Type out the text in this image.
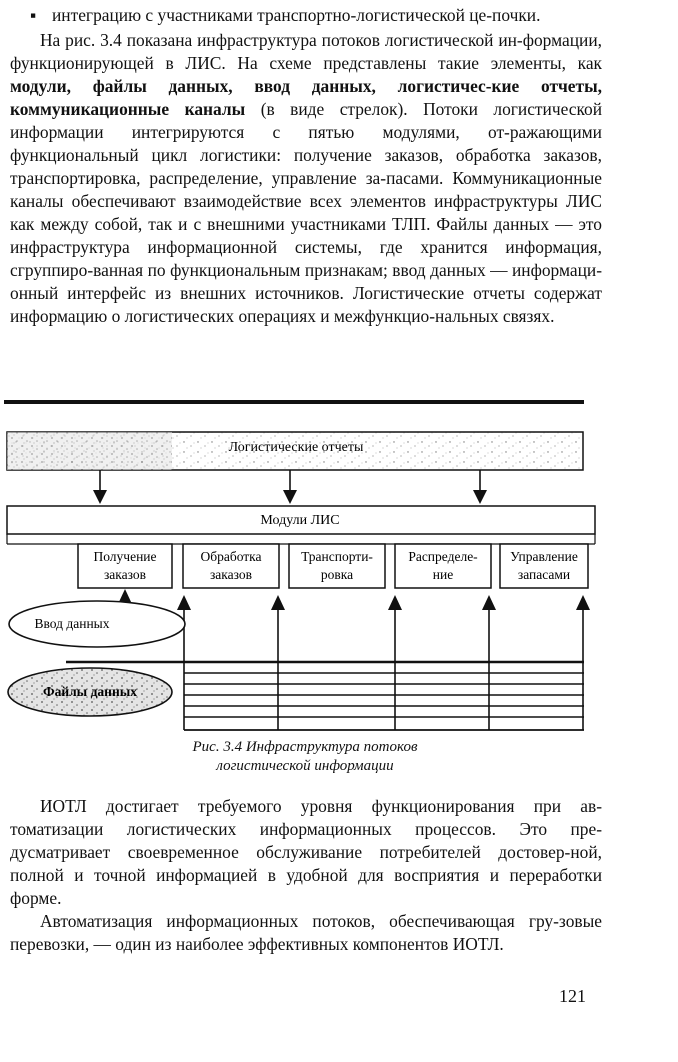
▪ интеграцию с участниками транспортно-логистической це-почки.

На рис. 3.4 показана инфраструктура потоков логистической ин-формации, функционирующей в ЛИС. На схеме представлены такие элементы, как модули, файлы данных, ввод данных, логистичес-кие отчеты, коммуникационные каналы (в виде стрелок). Потоки логистической информации интегрируются с пятью модулями, от-ражающими функциональный цикл логистики: получение заказов, обработка заказов, транспортировка, распределение, управление за-пасами. Коммуникационные каналы обеспечивают взаимодействие всех элементов инфраструктуры ЛИС как между собой, так и с внешними участниками ТЛП. Файлы данных — это инфраструктура информационной системы, где хранится информация, сгруппиро-ванная по функциональным признакам; ввод данных — информаци-онный интерфейс из внешних источников. Логистические отчеты содержат информацию о логистических операциях и межфункцио-нальных связях.

Логистические отчеты
Модули ЛИС
Получение
заказов
Обработка
заказов
Транспорти-
ровка
Распределе-
ние
Управление
запасами
Ввод данных
Файлы данных
Рис. 3.4 Инфраструктура потоков
логистической информации

ИОТЛ достигает требуемого уровня функционирования при ав-томатизации логистических информационных процессов. Это пре-дусматривает своевременное обслуживание потребителей достовер-ной, полной и точной информацией в удобной для восприятия и переработки форме.

Автоматизация информационных потоков, обеспечивающая гру-зовые перевозки, — один из наиболее эффективных компонентов ИОТЛ.

121
